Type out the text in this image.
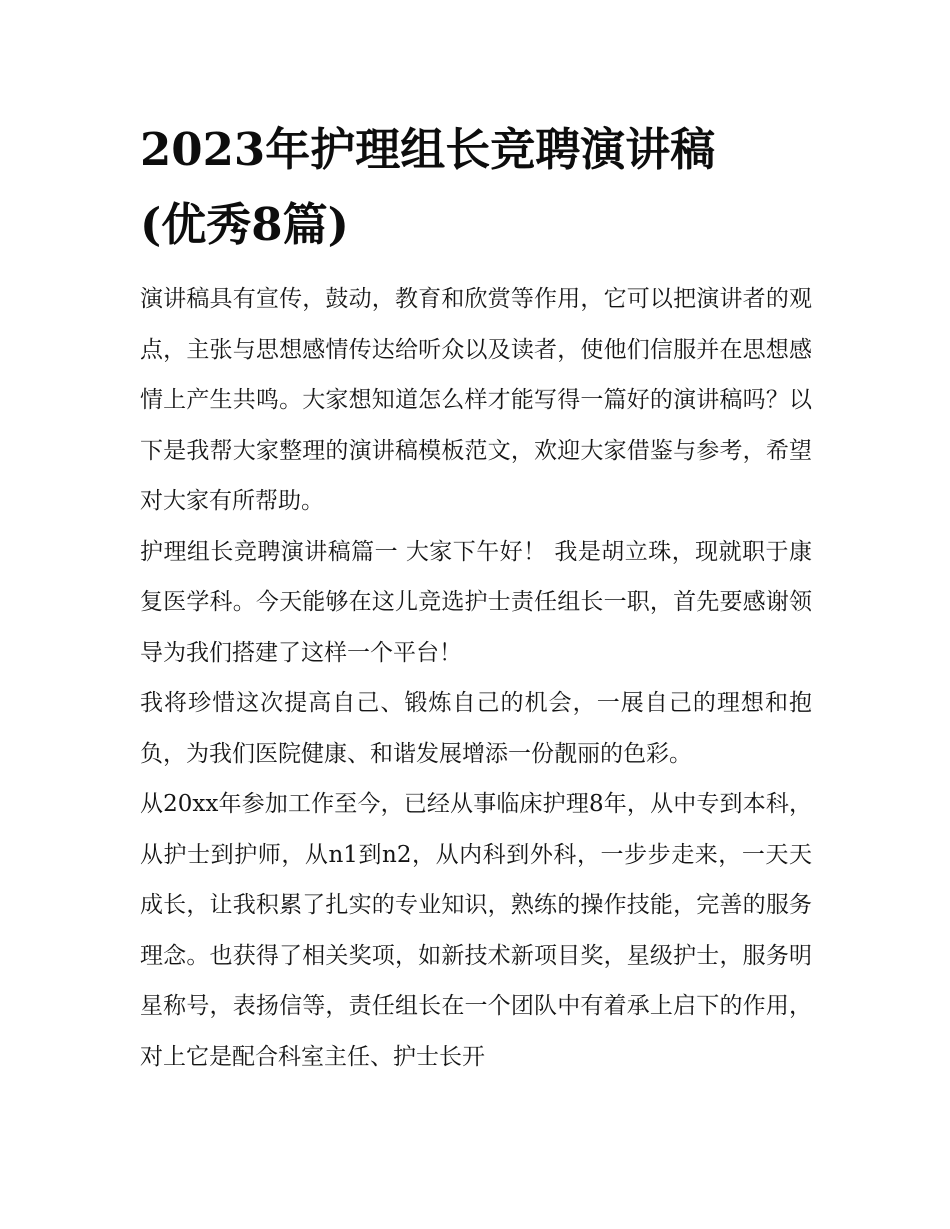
2023年护理组长竞聘演讲稿
(优秀8篇)

演讲稿具有宣传，鼓动，教育和欣赏等作用，它可以把演讲者的观点，主张与思想感情传达给听众以及读者，使他们信服并在思想感情上产生共鸣。大家想知道怎么样才能写得一篇好的演讲稿吗？以下是我帮大家整理的演讲稿模板范文，欢迎大家借鉴与参考，希望对大家有所帮助。

护理组长竞聘演讲稿篇一 大家下午好！ 我是胡立珠，现就职于康复医学科。今天能够在这儿竞选护士责任组长一职，首先要感谢领导为我们搭建了这样一个平台！

我将珍惜这次提高自己、锻炼自己的机会，一展自己的理想和抱负，为我们医院健康、和谐发展增添一份靓丽的色彩。

从20xx年参加工作至今，已经从事临床护理8年，从中专到本科，从护士到护师，从n1到n2，从内科到外科，一步步走来，一天天成长，让我积累了扎实的专业知识，熟练的操作技能，完善的服务理念。也获得了相关奖项，如新技术新项目奖，星级护士，服务明星称号，表扬信等，责任组长在一个团队中有着承上启下的作用，对上它是配合科室主任、护士长开
